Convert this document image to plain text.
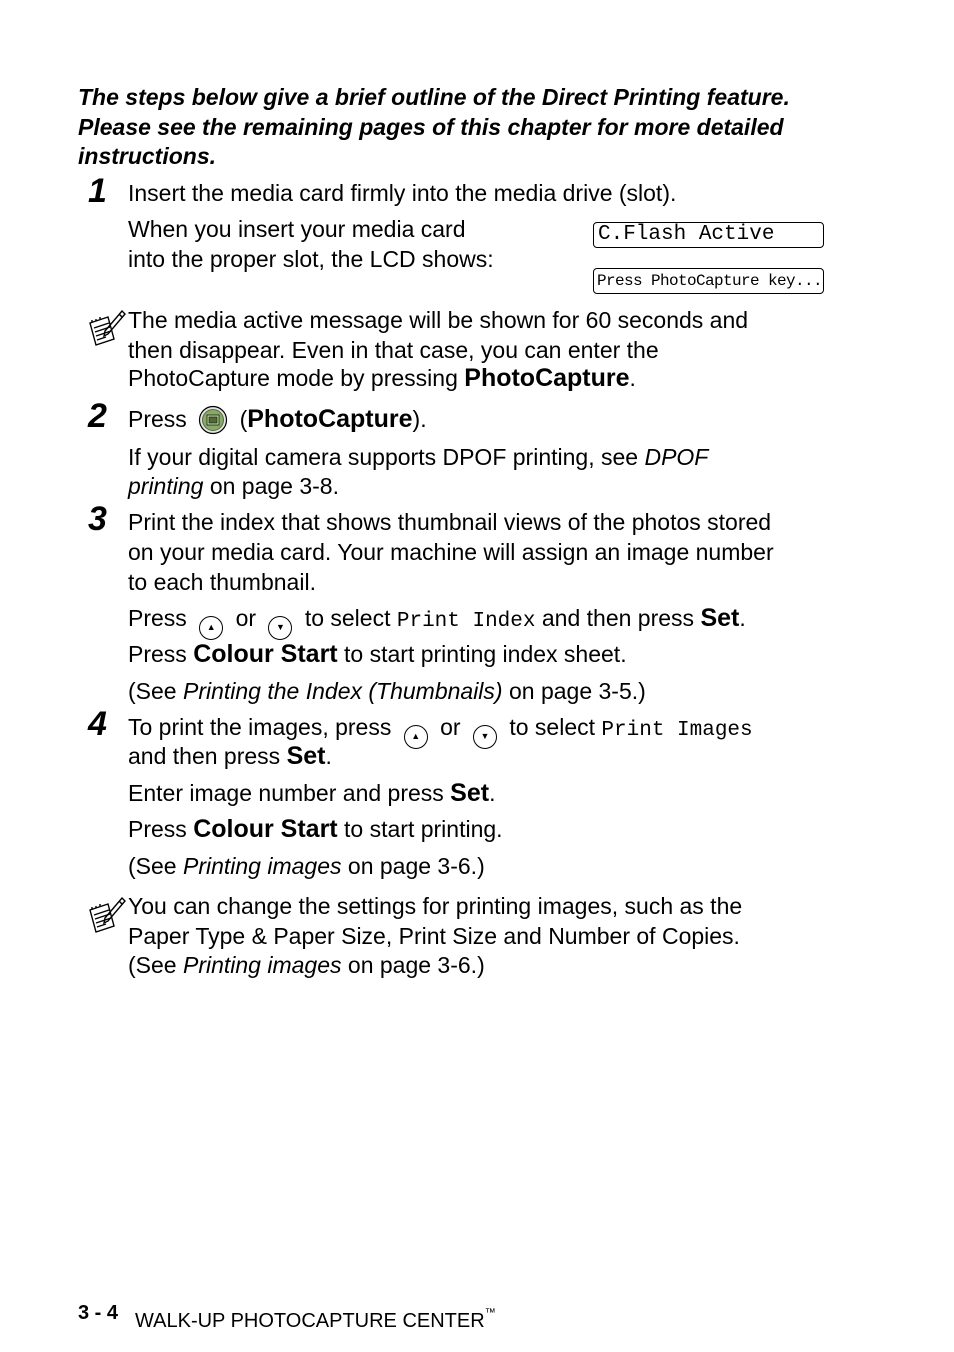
The steps below give a brief outline of the Direct Printing feature. Please see the remaining pages of this chapter for more detailed instructions.
1 Insert the media card firmly into the media drive (slot).
When you insert your media card
into the proper slot, the LCD shows:
C.Flash Active
Press PhotoCapture key...
The media active message will be shown for 60 seconds and
then disappear. Even in that case, you can enter the
PhotoCapture mode by pressing PhotoCapture.
2 Press (PhotoCapture).
If your digital camera supports DPOF printing, see DPOF
printing on page 3-8.
3 Print the index that shows thumbnail views of the photos stored
on your media card. Your machine will assign an image number
to each thumbnail.
Press ▲ or ▼ to select Print Index and then press Set.
Press Colour Start to start printing index sheet.
(See Printing the Index (Thumbnails) on page 3-5.)
4 To print the images, press ▲ or ▼ to select Print Images
and then press Set.
Enter image number and press Set.
Press Colour Start to start printing.
(See Printing images on page 3-6.)
You can change the settings for printing images, such as the
Paper Type & Paper Size, Print Size and Number of Copies.
(See Printing images on page 3-6.)
3 - 4 WALK-UP PHOTOCAPTURE CENTER™
